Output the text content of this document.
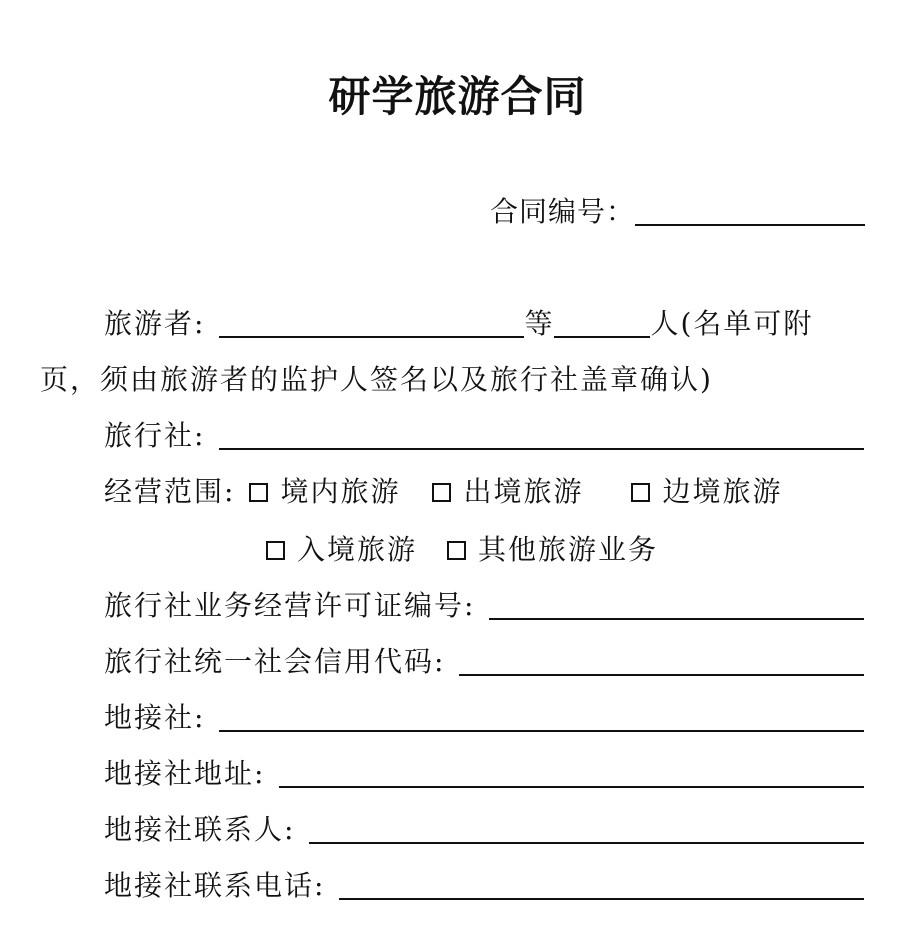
研学旅游合同
合同编号：
旅游者:	等	人(名单可附
页，须由旅游者的监护人签名以及旅行社盖章确认)
旅行社:
经营范围: 境内旅游 出境旅游	边境旅游
入境旅游 其他旅游业务
旅行社业务经营许可证编号:
旅行社统一社会信用代码:
地接社:
地接社地址:
地接社联系人:
地接社联系电话:
